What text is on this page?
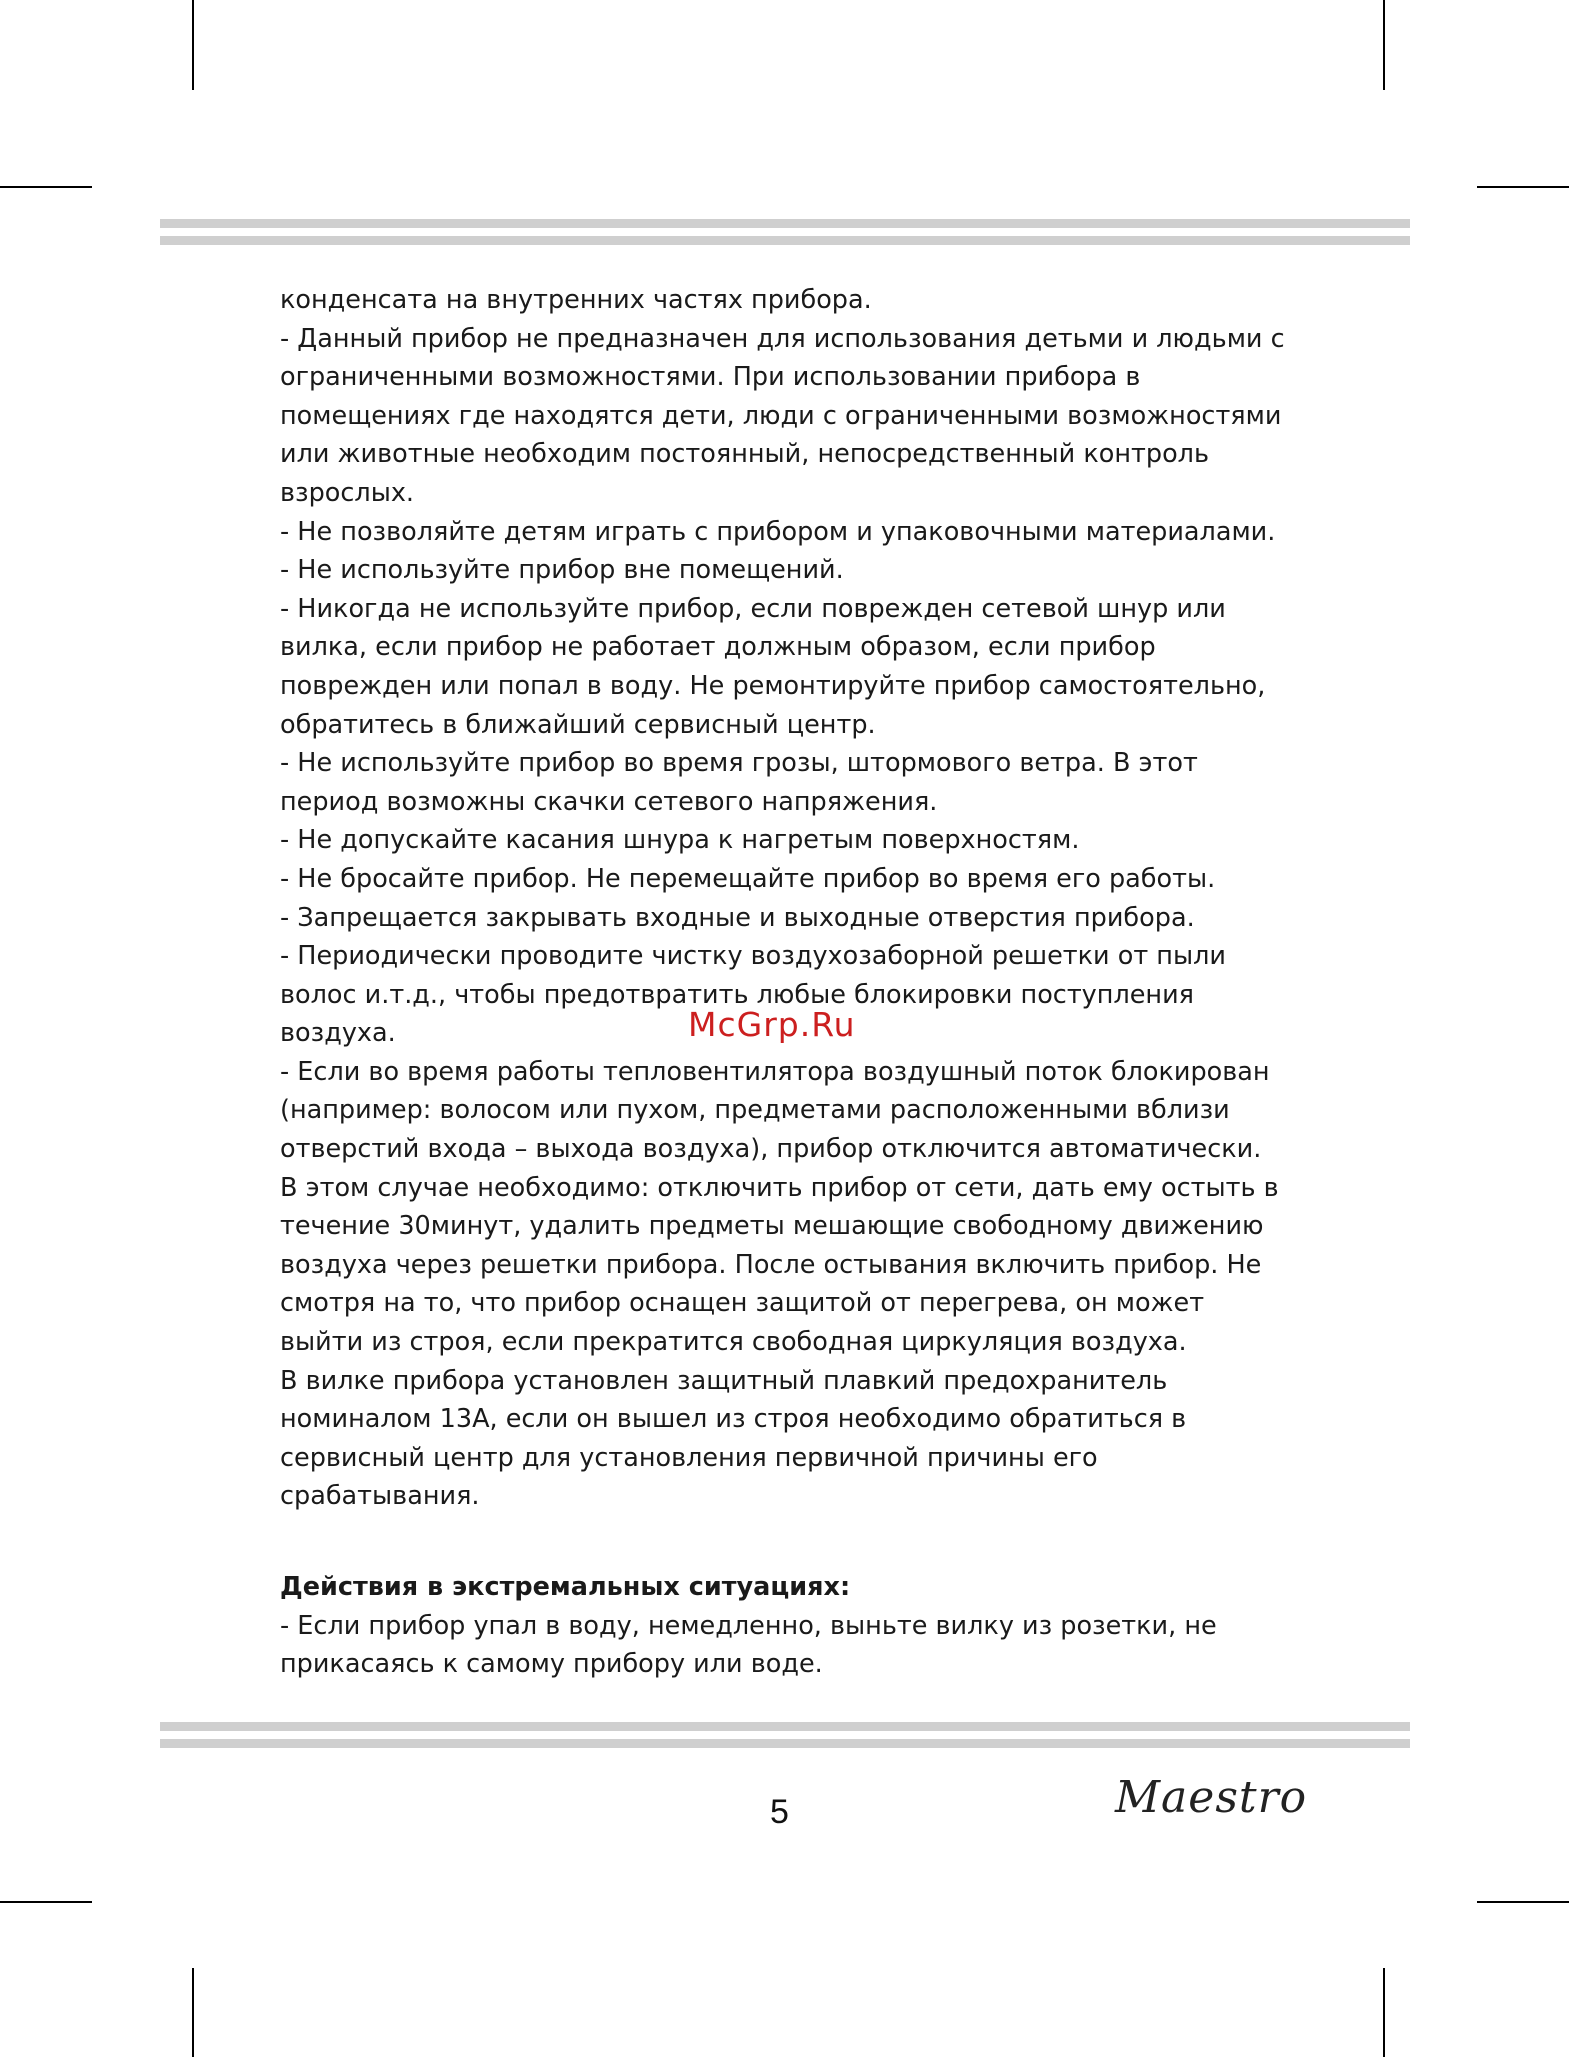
конденсата на внутренних частях прибора.

- Данный прибор не предназначен для использования детьми и людьми с

ограниченными возможностями. При использовании прибора в

помещениях где находятся дети, люди с ограниченными возможностями

или животные необходим постоянный, непосредственный контроль

взрослых.

- Не позволяйте детям играть с прибором и упаковочными материалами.

- Не используйте прибор вне помещений.

- Никогда не используйте прибор, если поврежден сетевой шнур или

вилка, если прибор не работает должным образом, если прибор

поврежден или попал в воду. Не ремонтируйте прибор самостоятельно,

обратитесь в ближайший сервисный центр.

- Не используйте прибор во время грозы, штормового ветра. В этот

период возможны скачки сетевого напряжения.

- Не допускайте касания шнура к нагретым поверхностям.

- Не бросайте прибор. Не перемещайте прибор во время его работы.

- Запрещается закрывать входные и выходные отверстия прибора.

- Периодически проводите чистку воздухозаборной решетки от пыли

волос и.т.д., чтобы предотвратить любые блокировки поступления

воздуха.

- Если во время работы тепловентилятора воздушный поток блокирован

(например: волосом или пухом, предметами расположенными вблизи

отверстий входа – выхода воздуха), прибор отключится автоматически.

В этом случае необходимо: отключить прибор от сети, дать ему остыть в

течение 30минут, удалить предметы мешающие свободному движению

воздуха через решетки прибора. После остывания включить прибор. Не

смотря на то, что прибор оснащен защитой от перегрева, он может

выйти из строя, если прекратится свободная циркуляция воздуха.

В вилке прибора установлен защитный плавкий предохранитель

номиналом 13А, если он вышел из строя необходимо обратиться в

сервисный центр для установления первичной причины его

срабатывания.

Действия в экстремальных ситуациях:

- Если прибор упал в воду, немедленно, выньте вилку из розетки, не

прикасаясь к самому прибору или воде.

McGrp.Ru
5	Maestro
